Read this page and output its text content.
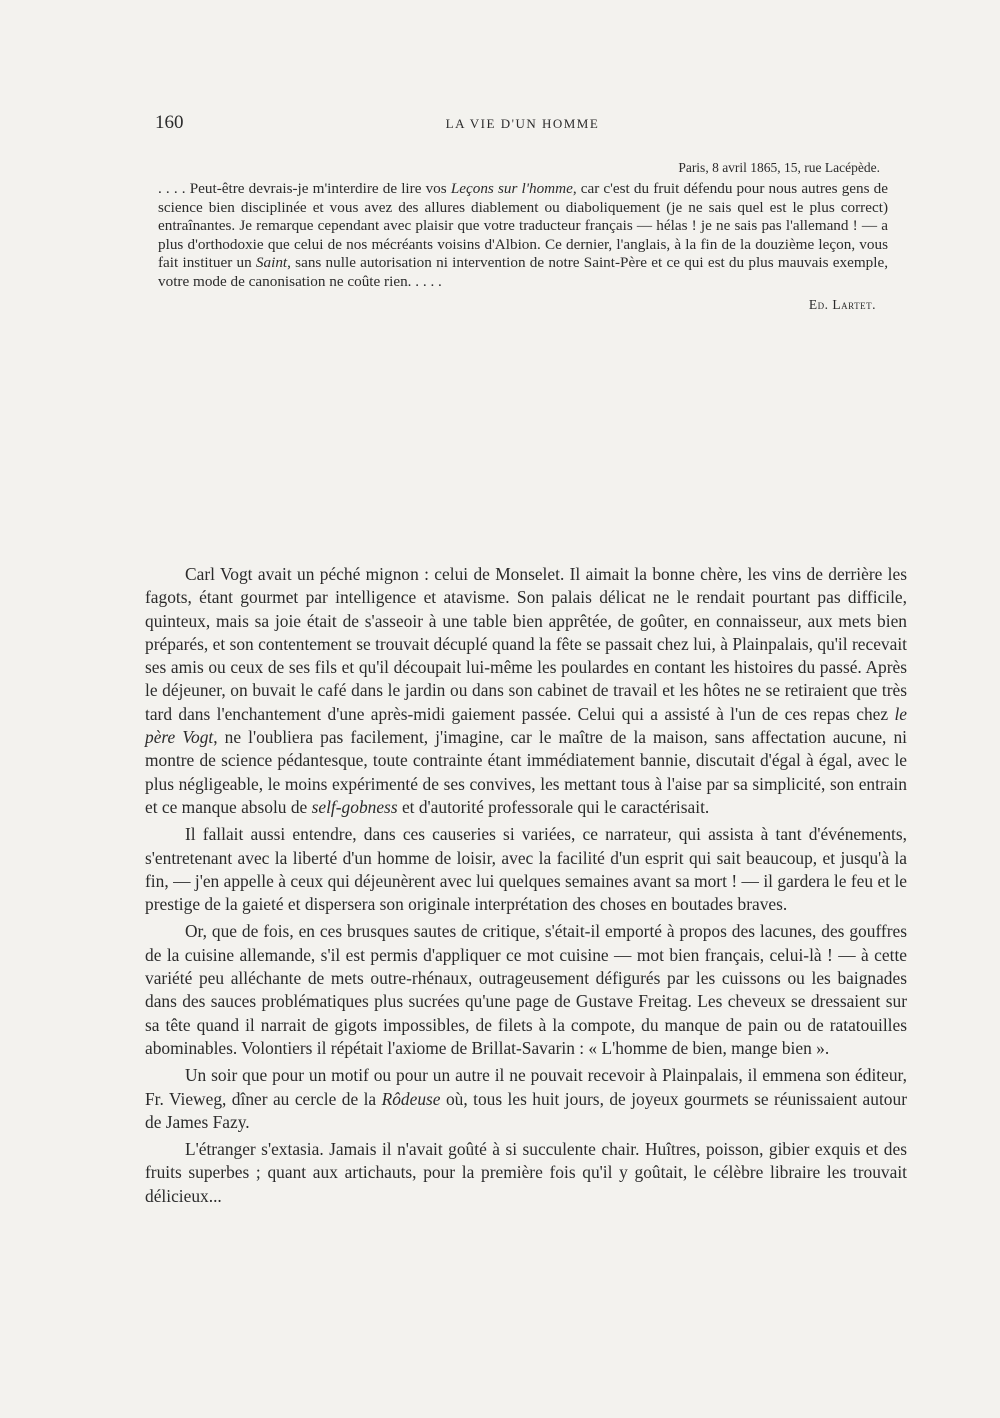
160	LA VIE D'UN HOMME
Paris, 8 avril 1865, 15, rue Lacépède.

. . . . Peut-être devrais-je m'interdire de lire vos Leçons sur l'homme, car c'est du fruit défendu pour nous autres gens de science bien disciplinée et vous avez des allures diablement ou diaboliquement (je ne sais quel est le plus correct) entraînantes. Je remarque cependant avec plaisir que votre traducteur français — hélas ! je ne sais pas l'allemand ! — a plus d'orthodoxie que celui de nos mécréants voisins d'Albion. Ce dernier, l'anglais, à la fin de la douzième leçon, vous fait instituer un Saint, sans nulle autorisation ni intervention de notre Saint-Père et ce qui est du plus mauvais exemple, votre mode de canonisation ne coûte rien. . . . .

Ed. Lartet.

Carl Vogt avait un péché mignon : celui de Monselet. Il aimait la bonne chère, les vins de derrière les fagots, étant gourmet par intelligence et atavisme. Son palais délicat ne le rendait pourtant pas difficile, quinteux, mais sa joie était de s'asseoir à une table bien apprêtée, de goûter, en connaisseur, aux mets bien préparés, et son contentement se trouvait décuplé quand la fête se passait chez lui, à Plainpalais, qu'il recevait ses amis ou ceux de ses fils et qu'il découpait lui-même les poulardes en contant les histoires du passé. Après le déjeuner, on buvait le café dans le jardin ou dans son cabinet de travail et les hôtes ne se retiraient que très tard dans l'enchantement d'une après-midi gaiement passée. Celui qui a assisté à l'un de ces repas chez le père Vogt, ne l'oubliera pas facilement, j'imagine, car le maître de la maison, sans affectation aucune, ni montre de science pédantesque, toute contrainte étant immédiatement bannie, discutait d'égal à égal, avec le plus négligeable, le moins expérimenté de ses convives, les mettant tous à l'aise par sa simplicité, son entrain et ce manque absolu de self-gobness et d'autorité professorale qui le caractérisait.

Il fallait aussi entendre, dans ces causeries si variées, ce narrateur, qui assista à tant d'événements, s'entretenant avec la liberté d'un homme de loisir, avec la facilité d'un esprit qui sait beaucoup, et jusqu'à la fin, — j'en appelle à ceux qui déjeunèrent avec lui quelques semaines avant sa mort ! — il gardera le feu et le prestige de la gaieté et dispersera son originale interprétation des choses en boutades braves.

Or, que de fois, en ces brusques sautes de critique, s'était-il emporté à propos des lacunes, des gouffres de la cuisine allemande, s'il est permis d'appliquer ce mot cuisine — mot bien français, celui-là ! — à cette variété peu alléchante de mets outre-rhénaux, outrageusement défigurés par les cuissons ou les baignades dans des sauces problématiques plus sucrées qu'une page de Gustave Freitag. Les cheveux se dressaient sur sa tête quand il narrait de gigots impossibles, de filets à la compote, du manque de pain ou de ratatouilles abominables. Volontiers il répétait l'axiome de Brillat-Savarin : « L'homme de bien, mange bien ».

Un soir que pour un motif ou pour un autre il ne pouvait recevoir à Plainpalais, il emmena son éditeur, Fr. Vieweg, dîner au cercle de la Rôdeuse où, tous les huit jours, de joyeux gourmets se réunissaient autour de James Fazy.

L'étranger s'extasia. Jamais il n'avait goûté à si succulente chair. Huîtres, poisson, gibier exquis et des fruits superbes ; quant aux artichauts, pour la première fois qu'il y goûtait, le célèbre libraire les trouvait délicieux...
